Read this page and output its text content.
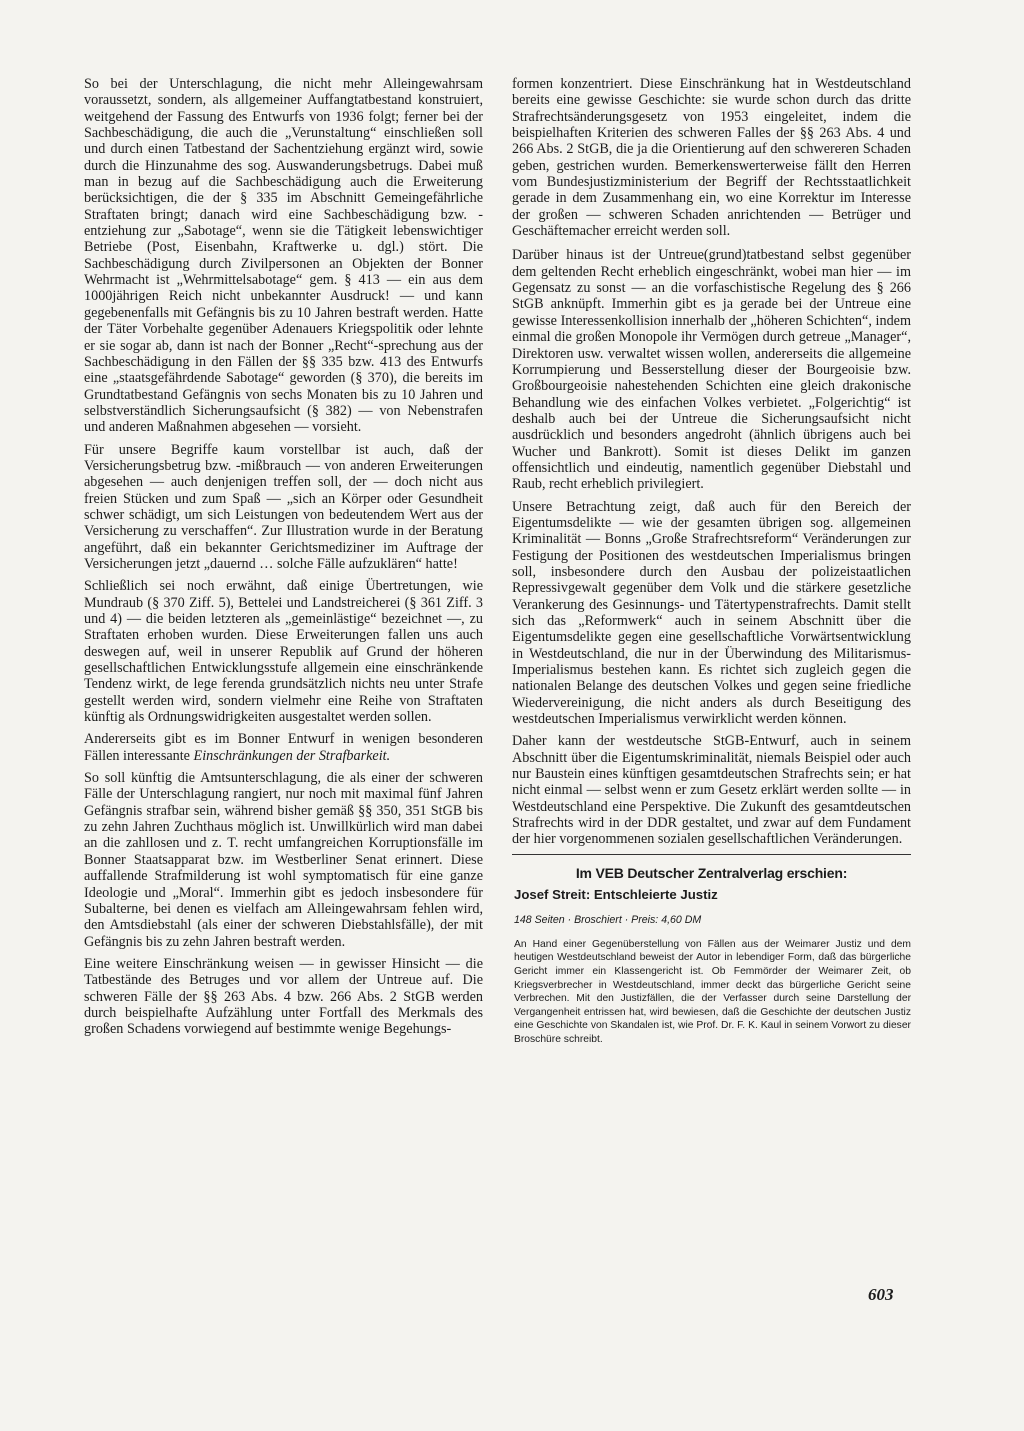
So bei der Unterschlagung, die nicht mehr Alleingewahrsam voraussetzt, sondern, als allgemeiner Auffangtatbestand konstruiert, weitgehend der Fassung des Entwurfs von 1936 folgt; ferner bei der Sachbeschädigung, die auch die „Verunstaltung“ einschließen soll und durch einen Tatbestand der Sachentziehung ergänzt wird, sowie durch die Hinzunahme des sog. Auswanderungsbetrugs. Dabei muß man in bezug auf die Sachbeschädigung auch die Erweiterung berücksichtigen, die der § 335 im Abschnitt Gemeingefährliche Straftaten bringt; danach wird eine Sachbeschädigung bzw. -entziehung zur „Sabotage“, wenn sie die Tätigkeit lebenswichtiger Betriebe (Post, Eisenbahn, Kraftwerke u. dgl.) stört. Die Sachbeschädigung durch Zivilpersonen an Objekten der Bonner Wehrmacht ist „Wehrmittelsabotage“ gem. § 413 — ein aus dem 1000jährigen Reich nicht unbekannter Ausdruck! — und kann gegebenenfalls mit Gefängnis bis zu 10 Jahren bestraft werden. Hatte der Täter Vorbehalte gegenüber Adenauers Kriegspolitik oder lehnte er sie sogar ab, dann ist nach der Bonner „Recht“-sprechung aus der Sachbeschädigung in den Fällen der §§ 335 bzw. 413 des Entwurfs eine „staatsgefährdende Sabotage“ geworden (§ 370), die bereits im Grundtatbestand Gefängnis von sechs Monaten bis zu 10 Jahren und selbstverständlich Sicherungsaufsicht (§ 382) — von Nebenstrafen und anderen Maßnahmen abgesehen — vorsieht.

Für unsere Begriffe kaum vorstellbar ist auch, daß der Versicherungsbetrug bzw. -mißbrauch — von anderen Erweiterungen abgesehen — auch denjenigen treffen soll, der — doch nicht aus freien Stücken und zum Spaß — „sich an Körper oder Gesundheit schwer schädigt, um sich Leistungen von bedeutendem Wert aus der Versicherung zu verschaffen“. Zur Illustration wurde in der Beratung angeführt, daß ein bekannter Gerichtsmediziner im Auftrage der Versicherungen jetzt „dauernd … solche Fälle aufzuklären“ hatte!

Schließlich sei noch erwähnt, daß einige Übertretungen, wie Mundraub (§ 370 Ziff. 5), Bettelei und Landstreicherei (§ 361 Ziff. 3 und 4) — die beiden letzteren als „gemeinlästige“ bezeichnet —, zu Straftaten erhoben wurden. Diese Erweiterungen fallen uns auch deswegen auf, weil in unserer Republik auf Grund der höheren gesellschaftlichen Entwicklungsstufe allgemein eine einschränkende Tendenz wirkt, de lege ferenda grundsätzlich nichts neu unter Strafe gestellt werden wird, sondern vielmehr eine Reihe von Straftaten künftig als Ordnungswidrigkeiten ausgestaltet werden sollen.

Andererseits gibt es im Bonner Entwurf in wenigen besonderen Fällen interessante Einschränkungen der Strafbarkeit.

So soll künftig die Amtsunterschlagung, die als einer der schweren Fälle der Unterschlagung rangiert, nur noch mit maximal fünf Jahren Gefängnis strafbar sein, während bisher gemäß §§ 350, 351 StGB bis zu zehn Jahren Zuchthaus möglich ist. Unwillkürlich wird man dabei an die zahllosen und z. T. recht umfangreichen Korruptionsfälle im Bonner Staatsapparat bzw. im Westberliner Senat erinnert. Diese auffallende Strafmilderung ist wohl symptomatisch für eine ganze Ideologie und „Moral“. Immerhin gibt es jedoch insbesondere für Subalterne, bei denen es vielfach am Alleingewahrsam fehlen wird, den Amtsdiebstahl (als einer der schweren Diebstahlsfälle), der mit Gefängnis bis zu zehn Jahren bestraft werden.

Eine weitere Einschränkung weisen — in gewisser Hinsicht — die Tatbestände des Betruges und vor allem der Untreue auf. Die schweren Fälle der §§ 263 Abs. 4 bzw. 266 Abs. 2 StGB werden durch beispielhafte Aufzählung unter Fortfall des Merkmals des großen Schadens vorwiegend auf bestimmte wenige Begehungs-

formen konzentriert. Diese Einschränkung hat in Westdeutschland bereits eine gewisse Geschichte: sie wurde schon durch das dritte Strafrechtsänderungsgesetz von 1953 eingeleitet, indem die beispielhaften Kriterien des schweren Falles der §§ 263 Abs. 4 und 266 Abs. 2 StGB, die ja die Orientierung auf den schwereren Schaden geben, gestrichen wurden. Bemerkenswerterweise fällt den Herren vom Bundesjustizministerium der Begriff der Rechtsstaatlichkeit gerade in dem Zusammenhang ein, wo eine Korrektur im Interesse der großen — schweren Schaden anrichtenden — Betrüger und Geschäftemacher erreicht werden soll.

Darüber hinaus ist der Untreue(grund)tatbestand selbst gegenüber dem geltenden Recht erheblich eingeschränkt, wobei man hier — im Gegensatz zu sonst — an die vorfaschistische Regelung des § 266 StGB anknüpft. Immerhin gibt es ja gerade bei der Untreue eine gewisse Interessenkollision innerhalb der „höheren Schichten“, indem einmal die großen Monopole ihr Vermögen durch getreue „Manager“, Direktoren usw. verwaltet wissen wollen, andererseits die allgemeine Korrumpierung und Besserstellung dieser der Bourgeoisie bzw. Großbourgeoisie nahestehenden Schichten eine gleich drakonische Behandlung wie des einfachen Volkes verbietet. „Folgerichtig“ ist deshalb auch bei der Untreue die Sicherungsaufsicht nicht ausdrücklich und besonders angedroht (ähnlich übrigens auch bei Wucher und Bankrott). Somit ist dieses Delikt im ganzen offensichtlich und eindeutig, namentlich gegenüber Diebstahl und Raub, recht erheblich privilegiert.

Unsere Betrachtung zeigt, daß auch für den Bereich der Eigentumsdelikte — wie der gesamten übrigen sog. allgemeinen Kriminalität — Bonns „Große Strafrechtsreform“ Veränderungen zur Festigung der Positionen des westdeutschen Imperialismus bringen soll, insbesondere durch den Ausbau der polizeistaatlichen Repressivgewalt gegenüber dem Volk und die stärkere gesetzliche Verankerung des Gesinnungs- und Tätertypenstrafrechts. Damit stellt sich das „Reformwerk“ auch in seinem Abschnitt über die Eigentumsdelikte gegen eine gesellschaftliche Vorwärtsentwicklung in Westdeutschland, die nur in der Überwindung des Militarismus-Imperialismus bestehen kann. Es richtet sich zugleich gegen die nationalen Belange des deutschen Volkes und gegen seine friedliche Wiedervereinigung, die nicht anders als durch Beseitigung des westdeutschen Imperialismus verwirklicht werden können.

Daher kann der westdeutsche StGB-Entwurf, auch in seinem Abschnitt über die Eigentumskriminalität, niemals Beispiel oder auch nur Baustein eines künftigen gesamtdeutschen Strafrechts sein; er hat nicht einmal — selbst wenn er zum Gesetz erklärt werden sollte — in Westdeutschland eine Perspektive. Die Zukunft des gesamtdeutschen Strafrechts wird in der DDR gestaltet, und zwar auf dem Fundament der hier vorgenommenen sozialen gesellschaftlichen Veränderungen.

Im VEB Deutscher Zentralverlag erschien:
Josef Streit: Entschleierte Justiz
148 Seiten · Broschiert · Preis: 4,60 DM
An Hand einer Gegenüberstellung von Fällen aus der Weimarer Justiz und dem heutigen Westdeutschland beweist der Autor in lebendiger Form, daß das bürgerliche Gericht immer ein Klassengericht ist. Ob Femmörder der Weimarer Zeit, ob Kriegsverbrecher in Westdeutschland, immer deckt das bürgerliche Gericht seine Verbrechen. Mit den Justizfällen, die der Verfasser durch seine Darstellung der Vergangenheit entrissen hat, wird bewiesen, daß die Geschichte der deutschen Justiz eine Geschichte von Skandalen ist, wie Prof. Dr. F. K. Kaul in seinem Vorwort zu dieser Broschüre schreibt.
603
